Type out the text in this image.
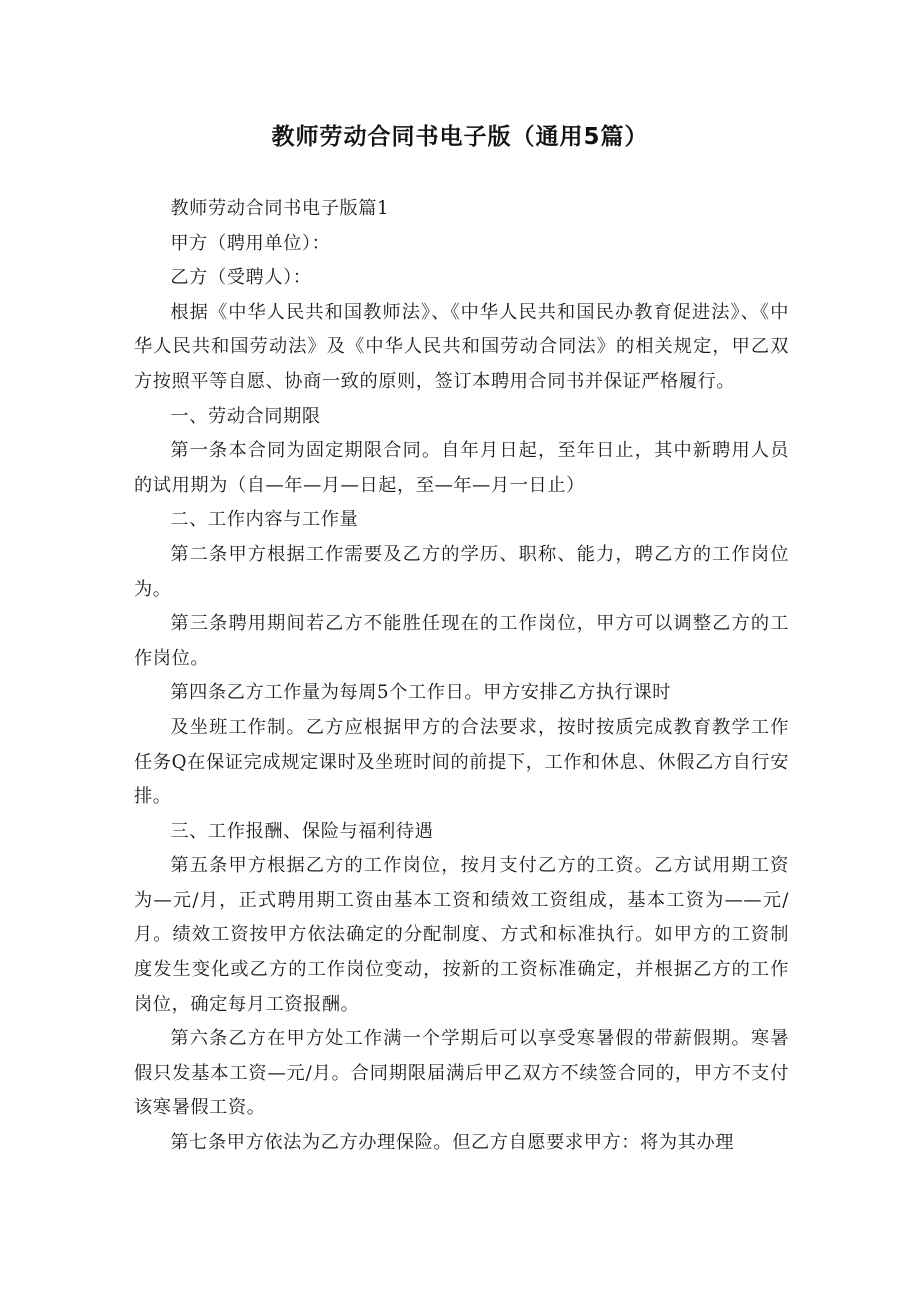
教师劳动合同书电子版（通用5篇）

教师劳动合同书电子版篇1

甲方（聘用单位）：

乙方（受聘人）：

根据《中华人民共和国教师法》、《中华人民共和国民办教育促进法》、《中华人民共和国劳动法》及《中华人民共和国劳动合同法》的相关规定，甲乙双方按照平等自愿、协商一致的原则，签订本聘用合同书并保证严格履行。

一、劳动合同期限

第一条本合同为固定期限合同。自年月日起，至年日止，其中新聘用人员的试用期为（自—年—月—日起，至—年—月一日止）

二、工作内容与工作量

第二条甲方根据工作需要及乙方的学历、职称、能力，聘乙方的工作岗位为。

第三条聘用期间若乙方不能胜任现在的工作岗位，甲方可以调整乙方的工作岗位。

第四条乙方工作量为每周5个工作日。甲方安排乙方执行课时

及坐班工作制。乙方应根据甲方的合法要求，按时按质完成教育教学工作任务Q在保证完成规定课时及坐班时间的前提下，工作和休息、休假乙方自行安排。

三、工作报酬、保险与福利待遇

第五条甲方根据乙方的工作岗位，按月支付乙方的工资。乙方试用期工资为—元/月，正式聘用期工资由基本工资和绩效工资组成，基本工资为——元/月。绩效工资按甲方依法确定的分配制度、方式和标准执行。如甲方的工资制度发生变化或乙方的工作岗位变动，按新的工资标准确定，并根据乙方的工作岗位，确定每月工资报酬。

第六条乙方在甲方处工作满一个学期后可以享受寒暑假的带薪假期。寒暑假只发基本工资—元/月。合同期限届满后甲乙双方不续签合同的，甲方不支付该寒暑假工资。

第七条甲方依法为乙方办理保险。但乙方自愿要求甲方：将为其办理
